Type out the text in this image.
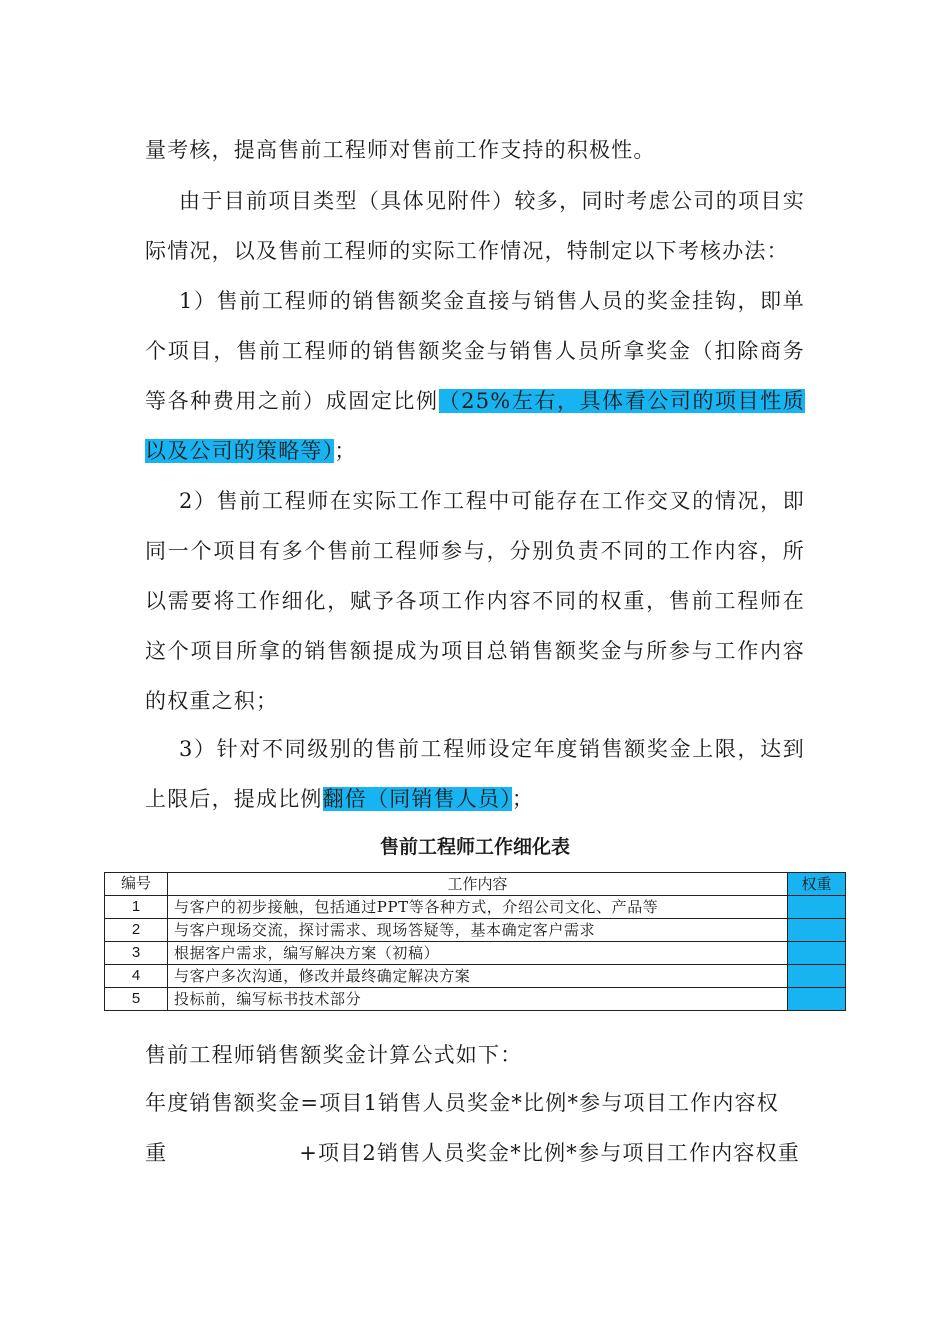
量考核，提高售前工程师对售前工作支持的积极性。
由于目前项目类型（具体见附件）较多，同时考虑公司的项目实际情况，以及售前工程师的实际工作情况，特制定以下考核办法：
1）售前工程师的销售额奖金直接与销售人员的奖金挂钩，即单个项目，售前工程师的销售额奖金与销售人员所拿奖金（扣除商务等各种费用之前）成固定比例（25%左右，具体看公司的项目性质以及公司的策略等）；
2）售前工程师在实际工作工程中可能存在工作交叉的情况，即同一个项目有多个售前工程师参与，分别负责不同的工作内容，所以需要将工作细化，赋予各项工作内容不同的权重，售前工程师在这个项目所拿的销售额提成为项目总销售额奖金与所参与工作内容的权重之积；
3）针对不同级别的售前工程师设定年度销售额奖金上限，达到上限后，提成比例翻倍（同销售人员）；
售前工程师工作细化表
编号	工作内容	权重
1	与客户的初步接触，包括通过PPT等各种方式，介绍公司文化、产品等	
2	与客户现场交流，探讨需求、现场答疑等，基本确定客户需求	
3	根据客户需求，编写解决方案（初稿）	
4	与客户多次沟通，修改并最终确定解决方案	
5	投标前，编写标书技术部分	
售前工程师销售额奖金计算公式如下：
年度销售额奖金=项目1销售人员奖金*比例*参与项目工作内容权重	+项目2销售人员奖金*比例*参与项目工作内容权重
